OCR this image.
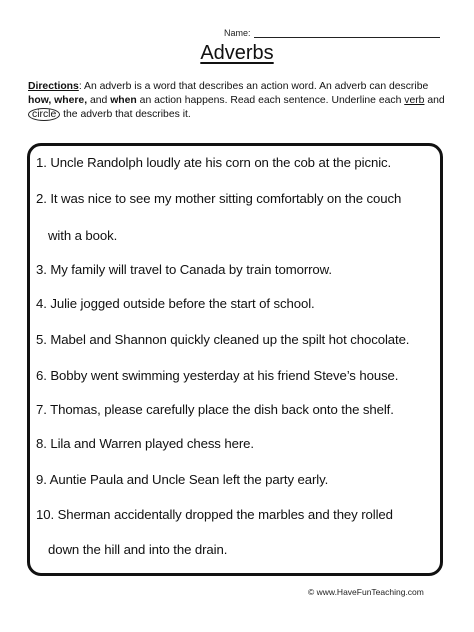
Name:
Adverbs
Directions: An adverb is a word that describes an action word. An adverb can describe how, where, and when an action happens. Read each sentence. Underline each verb and circle the adverb that describes it.
1. Uncle Randolph loudly ate his corn on the cob at the picnic.
2. It was nice to see my mother sitting comfortably on the couch
with a book.
3. My family will travel to Canada by train tomorrow.
4. Julie jogged outside before the start of school.
5. Mabel and Shannon quickly cleaned up the spilt hot chocolate.
6. Bobby went swimming yesterday at his friend Steve’s house.
7. Thomas, please carefully place the dish back onto the shelf.
8. Lila and Warren played chess here.
9. Auntie Paula and Uncle Sean left the party early.
10. Sherman accidentally dropped the marbles and they rolled
down the hill and into the drain.
© www.HaveFunTeaching.com
